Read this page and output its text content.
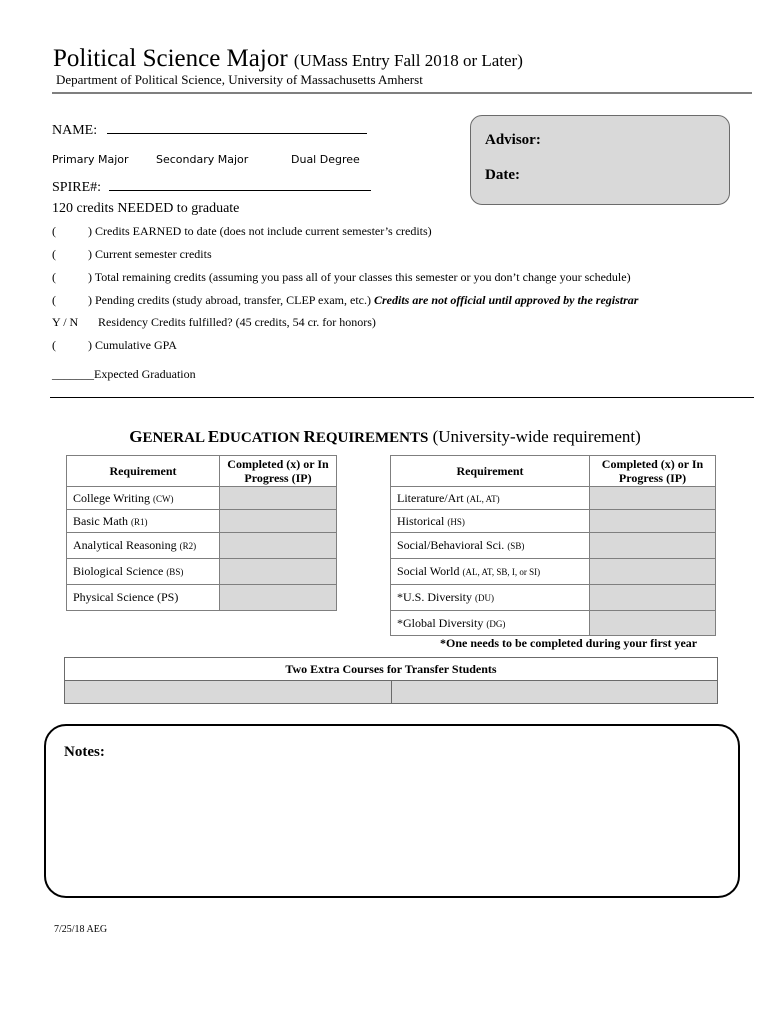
Political Science Major (UMass Entry Fall 2018 or Later)
Department of Political Science, University of Massachusetts Amherst
NAME:
Primary Major Secondary Major	Dual Degree
SPIRE#:
120 credits NEEDED to graduate
Advisor:
Date:
(	) Credits EARNED to date (does not include current semester’s credits)
(	) Current semester credits
(	) Total remaining credits (assuming you pass all of your classes this semester or you don’t change your schedule)
(	) Pending credits (study abroad, transfer, CLEP exam, etc.) Credits are not official until approved by the registrar
Y / N Residency Credits fulfilled? (45 credits, 54 cr. for honors)
(	) Cumulative GPA
_______Expected Graduation
GENERAL EDUCATION REQUIREMENTS (University-wide requirement)
Requirement	Completed (x) or In Progress (IP)
College Writing (CW)	
Basic Math (R1)	
Analytical Reasoning (R2)	
Biological Science (BS)	
Physical Science (PS)	
Requirement	Completed (x) or In Progress (IP)
Literature/Art (AL, AT)	
Historical (HS)	
Social/Behavioral Sci. (SB)	
Social World (AL, AT, SB, I, or SI)	
*U.S. Diversity (DU)	
*Global Diversity (DG)	
*One needs to be completed during your first year
Two Extra Courses for Transfer Students

Notes:
7/25/18 AEG
